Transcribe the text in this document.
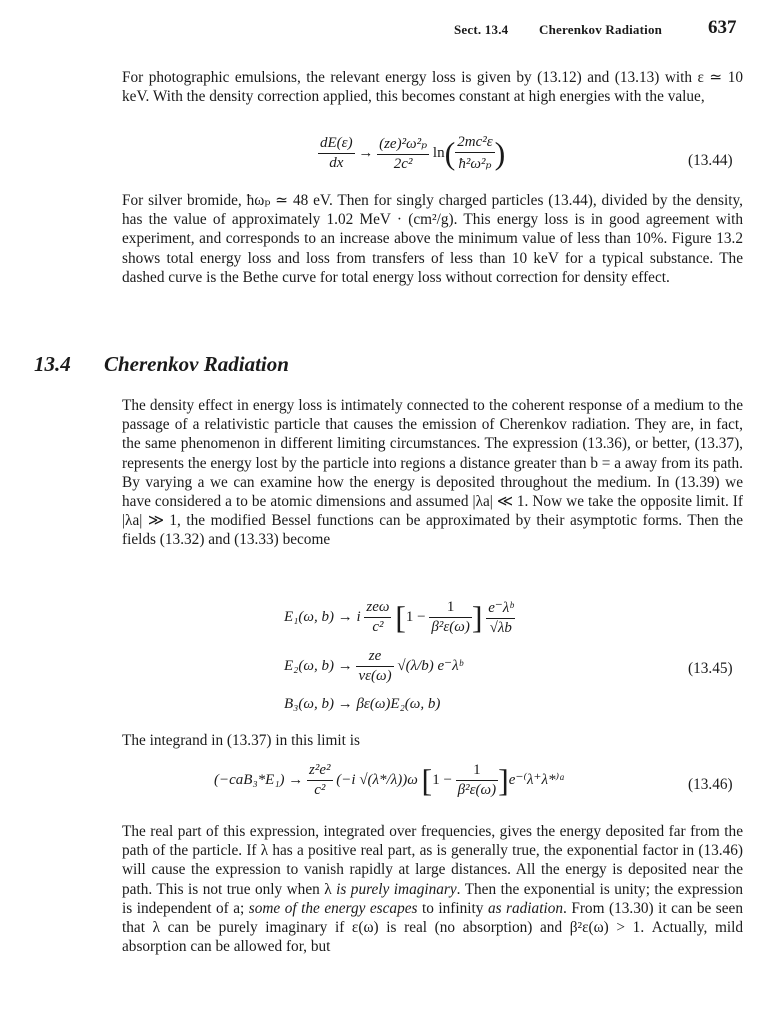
Sect. 13.4 Cherenkov Radiation 637

For photographic emulsions, the relevant energy loss is given by (13.12) and (13.13) with ε ≃ 10 keV. With the density correction applied, this becomes constant at high energies with the value,

$\frac{dE(\varepsilon)}{dx} \to \frac{\text{(ze)²ω²ₚ}}{\text{2c²}} \ln( \frac{\text{2mc²ε}}{\text{ħ²ω²ₚ}}$ )	(13.44)

For silver bromide, ħωₚ ≃ 48 eV. Then for singly charged particles (13.44), divided by the density, has the value of approximately 1.02 MeV · (cm²/g). This energy loss is in good agreement with experiment, and corresponds to an increase above the minimum value of less than 10%. Figure 13.2 shows total energy loss and loss from transfers of less than 10 keV for a typical substance. The dashed curve is the Bethe curve for total energy loss without correction for density effect.

13.4 Cherenkov Radiation

The density effect in energy loss is intimately connected to the coherent response of a medium to the passage of a relativistic particle that causes the emission of Cherenkov radiation. They are, in fact, the same phenomenon in different limiting circumstances. The expression (13.36), or better, (13.37), represents the energy lost by the particle into regions a distance greater than b = a away from its path. By varying a we can examine how the energy is deposited throughout the medium. In (13.39) we have considered a to be atomic dimensions and assumed |λa| ≪ 1. Now we take the opposite limit. If |λa| ≫ 1, the modified Bessel functions can be approximated by their asymptotic forms. Then the fields (13.32) and (13.33) become

E₁(ω, b) → i $\frac{\text{zeω}}{\text{c²}} [1 - \frac{1}{\text{β²ε(ω)}}$ ] $\frac{\text{e⁻λᵇ}}{√\lambda b}$
E₂(ω, $b) \to \frac{ze}{v\varepsilon(\omega)} √(\lambda/b)$ e⁻λᵇ	(13.45)
B₃(ω, b) → βε(ω)E₂(ω, b)

The integrand in (13.37) in this limit is

$(-caB_3*E_1) \to \frac{\text{z²e²}}{\text{c²}} (-i$ √(λ*/λ))ω [$1 - \frac{1}{\text{β²ε(ω)}}$ ]e⁻⁽λ⁺λ*⁾ᵃ	(13.46)

The real part of this expression, integrated over frequencies, gives the energy deposited far from the path of the particle. If λ has a positive real part, as is generally true, the exponential factor in (13.46) will cause the expression to vanish rapidly at large distances. All the energy is deposited near the path. This is not true only when λ is purely imaginary. Then the exponential is unity; the expression is independent of a; some of the energy escapes to infinity as radiation. From (13.30) it can be seen that λ can be purely imaginary if ε(ω) is real (no absorption) and β²ε(ω) > 1. Actually, mild absorption can be allowed for, but
